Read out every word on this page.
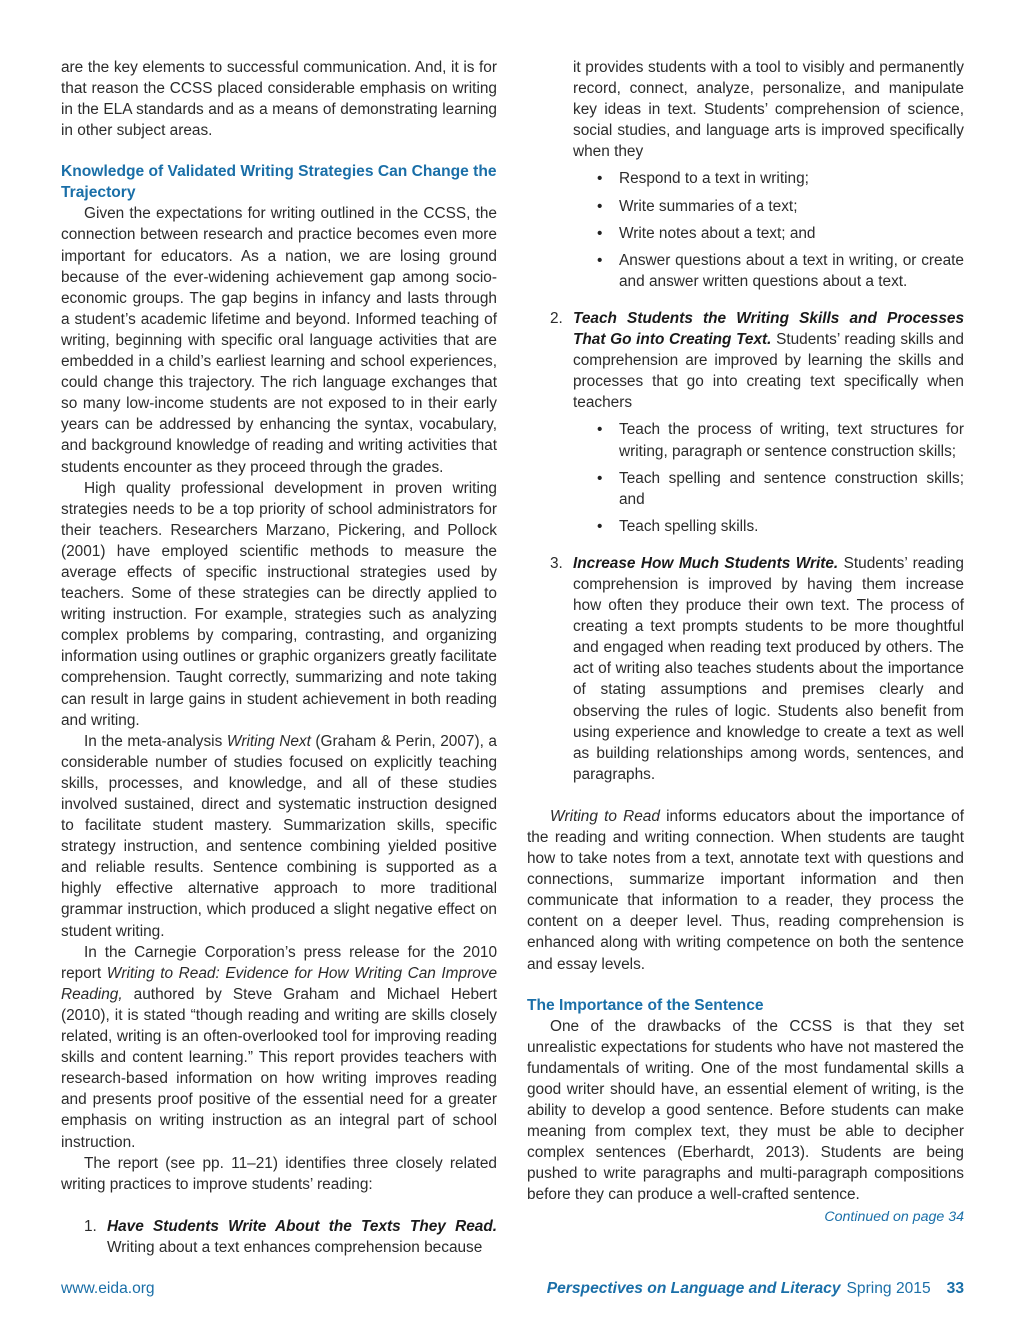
are the key elements to successful communication. And, it is for that reason the CCSS placed considerable emphasis on writing in the ELA standards and as a means of demonstrating learning in other subject areas.

Knowledge of Validated Writing Strategies Can Change the Trajectory

Given the expectations for writing outlined in the CCSS, the connection between research and practice becomes even more important for educators. As a nation, we are losing ground because of the ever-widening achievement gap among socio-economic groups. The gap begins in infancy and lasts through a student’s academic lifetime and beyond. Informed teaching of writing, beginning with specific oral language activities that are embedded in a child’s earliest learning and school experiences, could change this trajectory. The rich language exchanges that so many low-income students are not exposed to in their early years can be addressed by enhancing the syntax, vocabulary, and background knowledge of reading and writing activities that students encounter as they proceed through the grades.

High quality professional development in proven writing strategies needs to be a top priority of school administrators for their teachers. Researchers Marzano, Pickering, and Pollock (2001) have employed scientific methods to measure the average effects of specific instructional strategies used by teachers. Some of these strategies can be directly applied to writing instruction. For example, strategies such as analyzing complex problems by comparing, contrasting, and organizing information using outlines or graphic organizers greatly facilitate comprehension. Taught correctly, summarizing and note taking can result in large gains in student achievement in both reading and writing.

In the meta-analysis Writing Next (Graham & Perin, 2007), a considerable number of studies focused on explicitly teaching skills, processes, and knowledge, and all of these studies involved sustained, direct and systematic instruction designed to facilitate student mastery. Summarization skills, specific strategy instruction, and sentence combining yielded positive and reliable results. Sentence combining is supported as a highly effective alternative approach to more traditional grammar instruction, which produced a slight negative effect on student writing.

In the Carnegie Corporation’s press release for the 2010 report Writing to Read: Evidence for How Writing Can Improve Reading, authored by Steve Graham and Michael Hebert (2010), it is stated “though reading and writing are skills closely related, writing is an often-overlooked tool for improving reading skills and content learning.” This report provides teachers with research-based information on how writing improves reading and presents proof positive of the essential need for a greater emphasis on writing instruction as an integral part of school instruction.

The report (see pp. 11–21) identifies three closely related writing practices to improve students’ reading:

1. Have Students Write About the Texts They Read. Writing about a text enhances comprehension because
it provides students with a tool to visibly and permanently record, connect, analyze, personalize, and manipulate key ideas in text. Students’ comprehension of science, social studies, and language arts is improved specifically when they
• Respond to a text in writing;
• Write summaries of a text;
• Write notes about a text; and
• Answer questions about a text in writing, or create and answer written questions about a text.
2. Teach Students the Writing Skills and Processes That Go into Creating Text. Students’ reading skills and comprehension are improved by learning the skills and processes that go into creating text specifically when teachers
• Teach the process of writing, text structures for writing, paragraph or sentence construction skills;
• Teach spelling and sentence construction skills; and
• Teach spelling skills.
3. Increase How Much Students Write. Students’ reading comprehension is improved by having them increase how often they produce their own text. The process of creating a text prompts students to be more thoughtful and engaged when reading text produced by others. The act of writing also teaches students about the importance of stating assumptions and premises clearly and observing the rules of logic. Students also benefit from using experience and knowledge to create a text as well as building relationships among words, sentences, and paragraphs.

Writing to Read informs educators about the importance of the reading and writing connection. When students are taught how to take notes from a text, annotate text with questions and connections, summarize important information and then communicate that information to a reader, they process the content on a deeper level. Thus, reading comprehension is enhanced along with writing competence on both the sentence and essay levels.

The Importance of the Sentence

One of the drawbacks of the CCSS is that they set unrealistic expectations for students who have not mastered the fundamentals of writing. One of the most fundamental skills a good writer should have, an essential element of writing, is the ability to develop a good sentence. Before students can make meaning from complex text, they must be able to decipher complex sentences (Eberhardt, 2013). Students are being pushed to write paragraphs and multi-paragraph compositions before they can produce a well-crafted sentence.

Continued on page 34
www.eida.org	Perspectives on Language and Literacy Spring 2015 33
